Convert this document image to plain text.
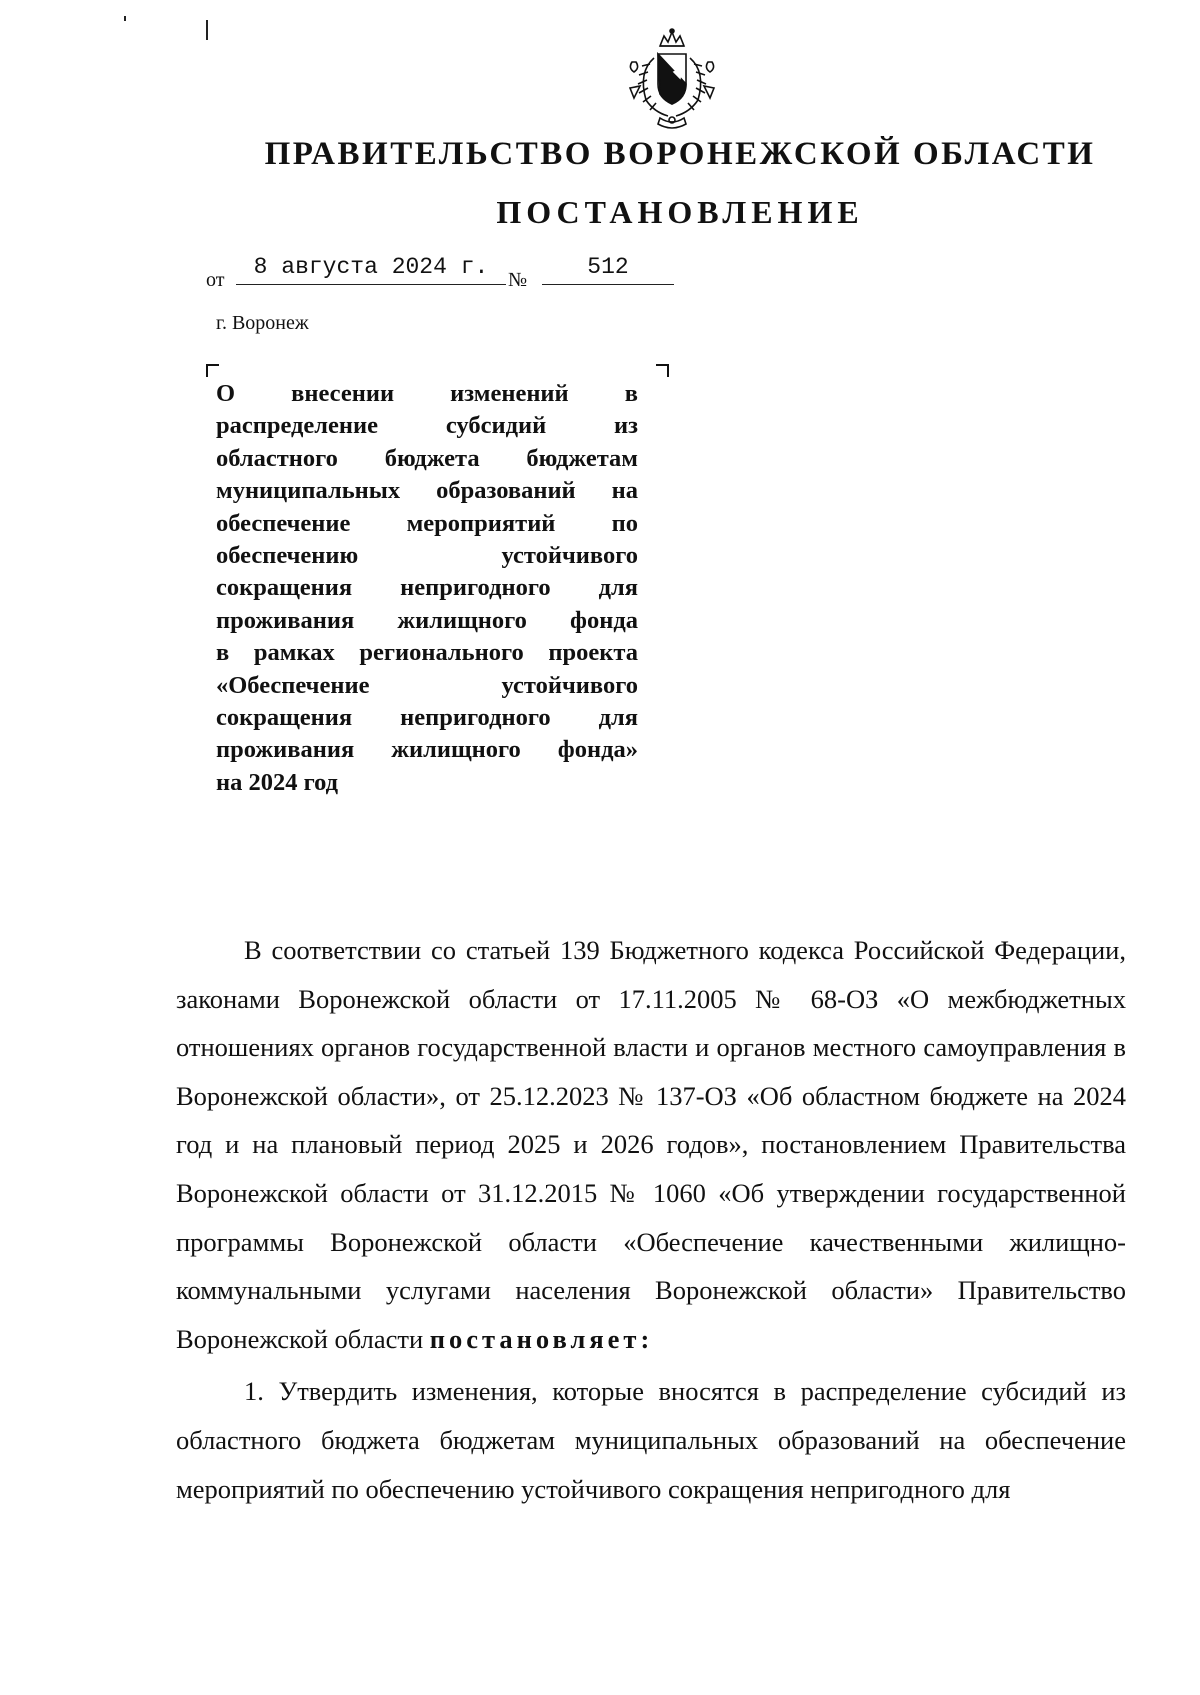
ПРАВИТЕЛЬСТВО ВОРОНЕЖСКОЙ ОБЛАСТИ
ПОСТАНОВЛЕНИЕ
от	8 августа 2024 г. №	512
г. Воронеж
О внесении изменений в
распределение субсидий из
областного бюджета бюджетам
муниципальных образований на
обеспечение мероприятий по
обеспечению устойчивого
сокращения непригодного для
проживания жилищного фонда
в рамках регионального проекта
«Обеспечение устойчивого
сокращения непригодного для
проживания жилищного фонда»
на 2024 год

В соответствии со статьей 139 Бюджетного кодекса Российской Федерации, законами Воронежской области от 17.11.2005 № 68-ОЗ «О межбюджетных отношениях органов государственной власти и органов местного самоуправления в Воронежской области», от 25.12.2023 № 137-ОЗ «Об областном бюджете на 2024 год и на плановый период 2025 и 2026 годов», постановлением Правительства Воронежской области от 31.12.2015 № 1060 «Об утверждении государственной программы Воронежской области «Обеспечение качественными жилищно-коммунальными услугами населения Воронежской области» Правительство Воронежской области постановляет:

1. Утвердить изменения, которые вносятся в распределение субсидий из областного бюджета бюджетам муниципальных образований на обеспечение мероприятий по обеспечению устойчивого сокращения непригодного для
